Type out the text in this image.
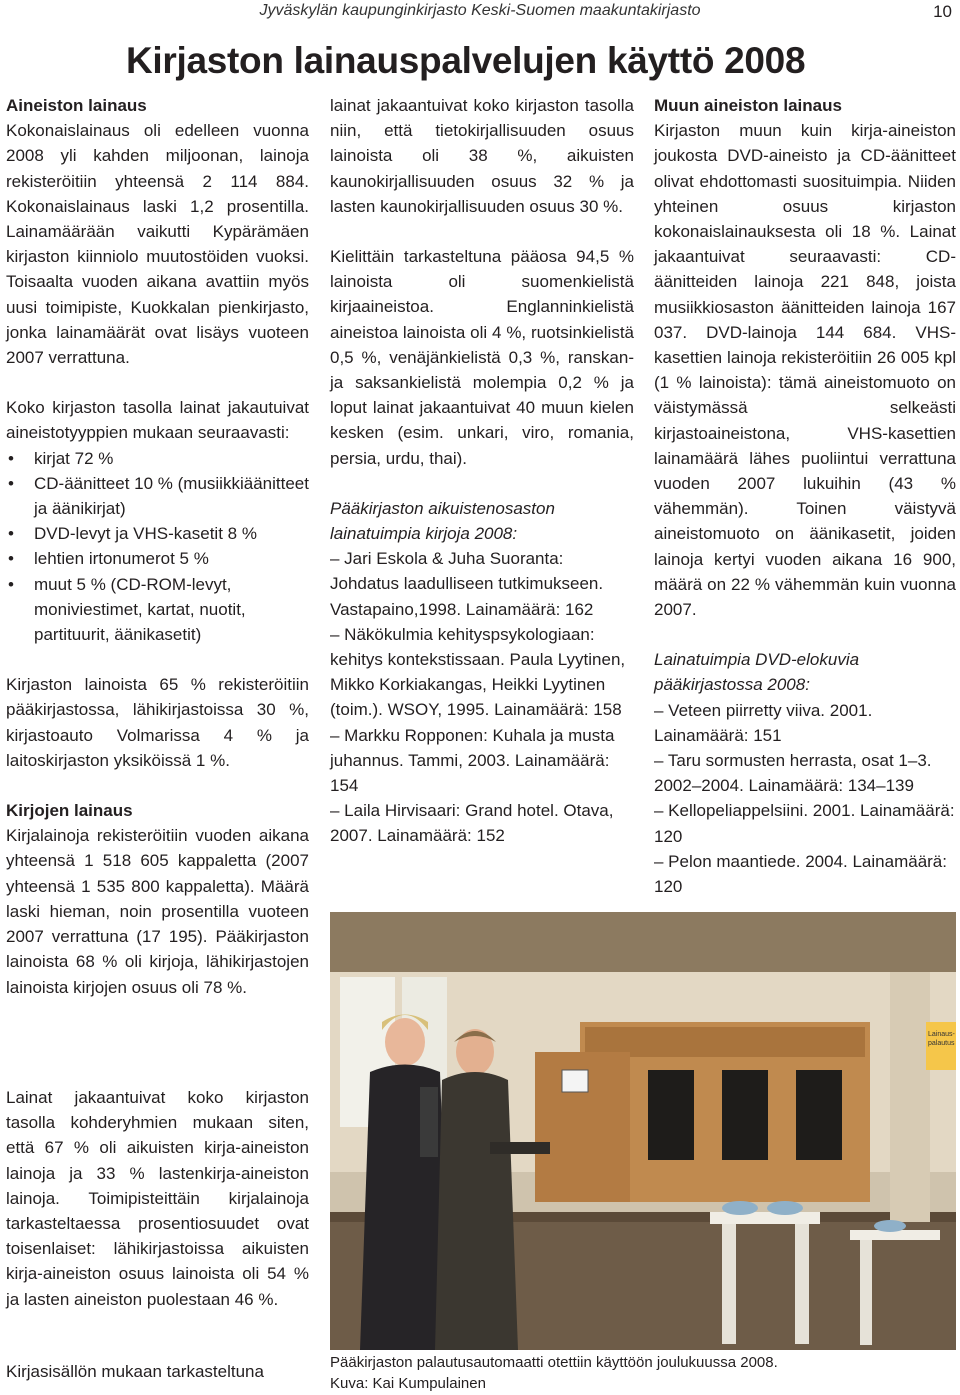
Jyväskylän kaupunginkirjasto Keski-Suomen maakuntakirjasto	10
Kirjaston lainauspalvelujen käyttö 2008
Aineiston lainaus

Kokonaislainaus oli edelleen vuonna 2008 yli kahden miljoonan, lainoja rekisteröitiin yhteensä 2 114 884. Kokonaislainaus laski 1,2 prosentilla. Lainamäärään vaikutti Kypärämäen kirjaston kiinniolo muutostöiden vuoksi. Toisaalta vuoden aikana avattiin myös uusi toimipiste, Kuokkalan pienkirjasto, jonka lainamäärät ovat lisäys vuoteen 2007 verrattuna.

Koko kirjaston tasolla lainat jakautuivat aineistotyyppien mukaan seuraavasti:

• kirjat 72 %
• CD-äänitteet 10 % (musiikkiäänitteet ja äänikirjat)
• DVD-levyt ja VHS-kasetit 8 %
• lehtien irtonumerot 5 %
• muut 5 % (CD-ROM-levyt, moniviestimet, kartat, nuotit, partituurit, äänikasetit)

Kirjaston lainoista 65 % rekisteröitiin pääkirjastossa, lähikirjastoissa 30 %, kirjastoauto Volmarissa 4 % ja laitoskirjaston yksiköissä 1 %.

Kirjojen lainaus

Kirjalainoja rekisteröitiin vuoden aikana yhteensä 1 518 605 kappaletta (2007 yhteensä 1 535 800 kappaletta). Määrä laski hieman, noin prosentilla vuoteen 2007 verrattuna (17 195). Pääkirjaston lainoista 68 % oli kirjoja, lähikirjastojen lainoista kirjojen osuus oli 78 %.

Lainat jakaantuivat koko kirjaston tasolla kohderyhmien mukaan siten, että 67 % oli aikuisten kirja-aineiston lainoja ja 33 % lastenkirja-aineiston lainoja. Toimipisteittäin kirjalainoja tarkasteltaessa prosentiosuudet ovat toisenlaiset: lähikirjastoissa aikuisten kirja-aineiston osuus lainoista oli 54 % ja lasten aineiston puolestaan 46 %.
Kirjasisällön mukaan tarkasteltuna

lainat jakaantuivat koko kirjaston tasolla niin, että tietokirjallisuuden osuus lainoista oli 38 %, aikuisten kaunokirjallisuuden osuus 32 % ja lasten kaunokirjallisuuden osuus 30 %.

Kielittäin tarkasteltuna pääosa 94,5 % lainoista oli suomenkielistä kirjaaineistoa. Englanninkielistä aineistoa lainoista oli 4 %, ruotsinkielistä 0,5 %, venäjänkielistä 0,3 %, ranskan- ja saksankielistä molempia 0,2 % ja loput lainat jakaantuivat 40 muun kielen kesken (esim. unkari, viro, romania, persia, urdu, thai).

Pääkirjaston aikuistenosaston lainatuimpia kirjoja 2008:

– Jari Eskola & Juha Suoranta: Johdatus laadulliseen tutkimukseen. Vastapaino,1998. Lainamäärä: 162
– Näkökulmia kehityspsykologiaan: kehitys kontekstissaan. Paula Lyytinen, Mikko Korkiakangas, Heikki Lyytinen (toim.). WSOY, 1995. Lainamäärä: 158
– Markku Ropponen: Kuhala ja musta juhannus. Tammi, 2003. Lainamäärä: 154
– Laila Hirvisaari: Grand hotel. Otava, 2007. Lainamäärä: 152
Muun aineiston lainaus

Kirjaston muun kuin kirja-aineiston joukosta DVD-aineisto ja CD-äänitteet olivat ehdottomasti suosituimpia. Niiden yhteinen osuus kirjaston kokonaislainauksesta oli 18 %. Lainat jakaantuivat seuraavasti: CD-äänitteiden lainoja 221 848, joista musiikkiosaston äänitteiden lainoja 167 037. DVD-lainoja 144 684. VHS-kasettien lainoja rekisteröitiin 26 005 kpl (1 % lainoista): tämä aineistomuoto on väistymässä selkeästi kirjastoaineistona, VHS-kasettien lainamäärä lähes puoliintui verrattuna vuoden 2007 lukuihin (43 % vähemmän). Toinen väistyvä aineistomuoto on äänikasetit, joiden lainoja kertyi vuoden aikana 16 900, määrä on 22 % vähemmän kuin vuonna 2007.

Lainatuimpia DVD-elokuvia pääkirjastossa 2008:

– Veteen piirretty viiva. 2001. Lainamäärä: 151
– Taru sormusten herrasta, osat 1–3. 2002–2004. Lainamäärä: 134–139
– Kellopeliappelsiini. 2001. Lainamäärä: 120
– Pelon maantiede. 2004. Lainamäärä: 120
Lainaus-palautus
Pääkirjaston palautusautomaatti otettiin käyttöön joulukuussa 2008.
Kuva: Kai Kumpulainen
